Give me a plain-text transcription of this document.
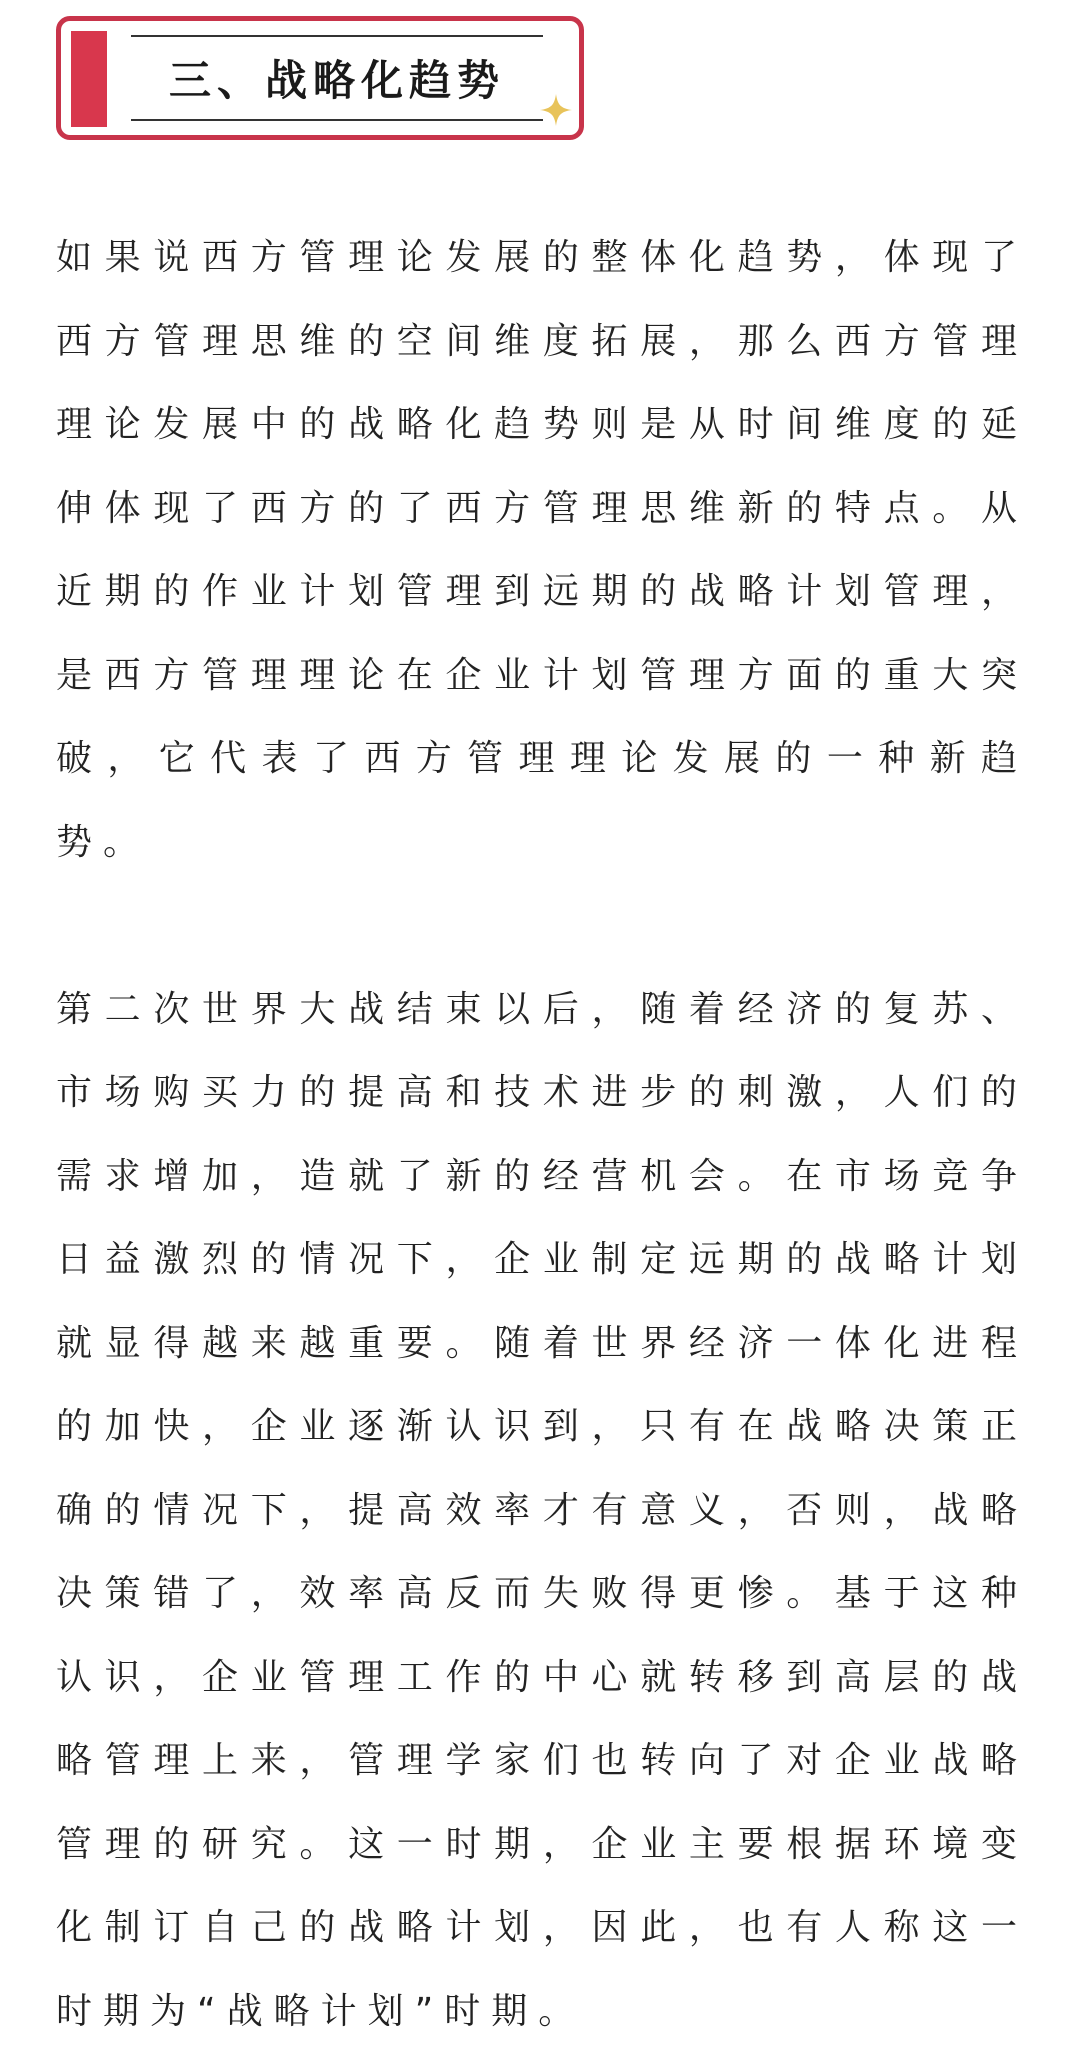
三、战略化趋势

如果说西方管理论发展的整体化趋势，体现了西方管理思维的空间维度拓展，那么西方管理理论发展中的战略化趋势则是从时间维度的延伸体现了西方的了西方管理思维新的特点。从近期的作业计划管理到远期的战略计划管理，是西方管理理论在企业计划管理方面的重大突破，它代表了西方管理理论发展的一种新趋势。

第二次世界大战结束以后，随着经济的复苏、市场购买力的提高和技术进步的刺激，人们的需求增加，造就了新的经营机会。在市场竞争日益激烈的情况下，企业制定远期的战略计划就显得越来越重要。随着世界经济一体化进程的加快，企业逐渐认识到，只有在战略决策正确的情况下，提高效率才有意义，否则，战略决策错了，效率高反而失败得更惨。基于这种认识，企业管理工作的中心就转移到高层的战略管理上来，管理学家们也转向了对企业战略管理的研究。这一时期，企业主要根据环境变化制订自己的战略计划，因此，也有人称这一时期为“战略计划”时期。
